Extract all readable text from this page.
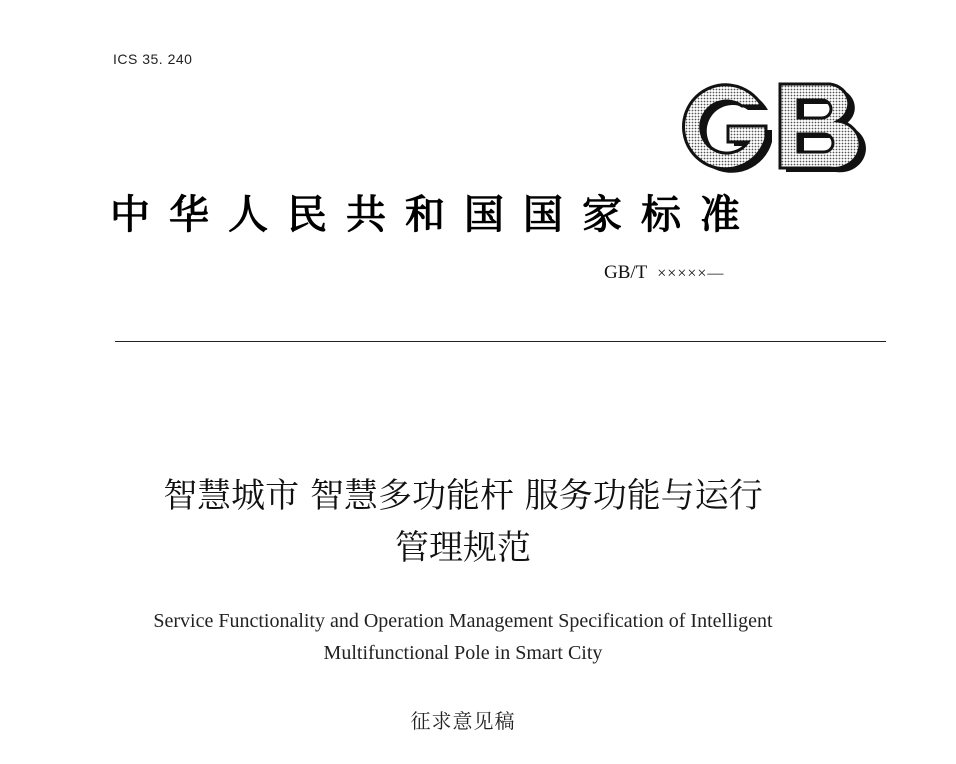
ICS 35. 240
GB
中华人民共和国国家标准
GB/T ×××××—
智慧城市 智慧多功能杆 服务功能与运行
管理规范
Service Functionality and Operation Management Specification of Intelligent
Multifunctional Pole in Smart City
征求意见稿
